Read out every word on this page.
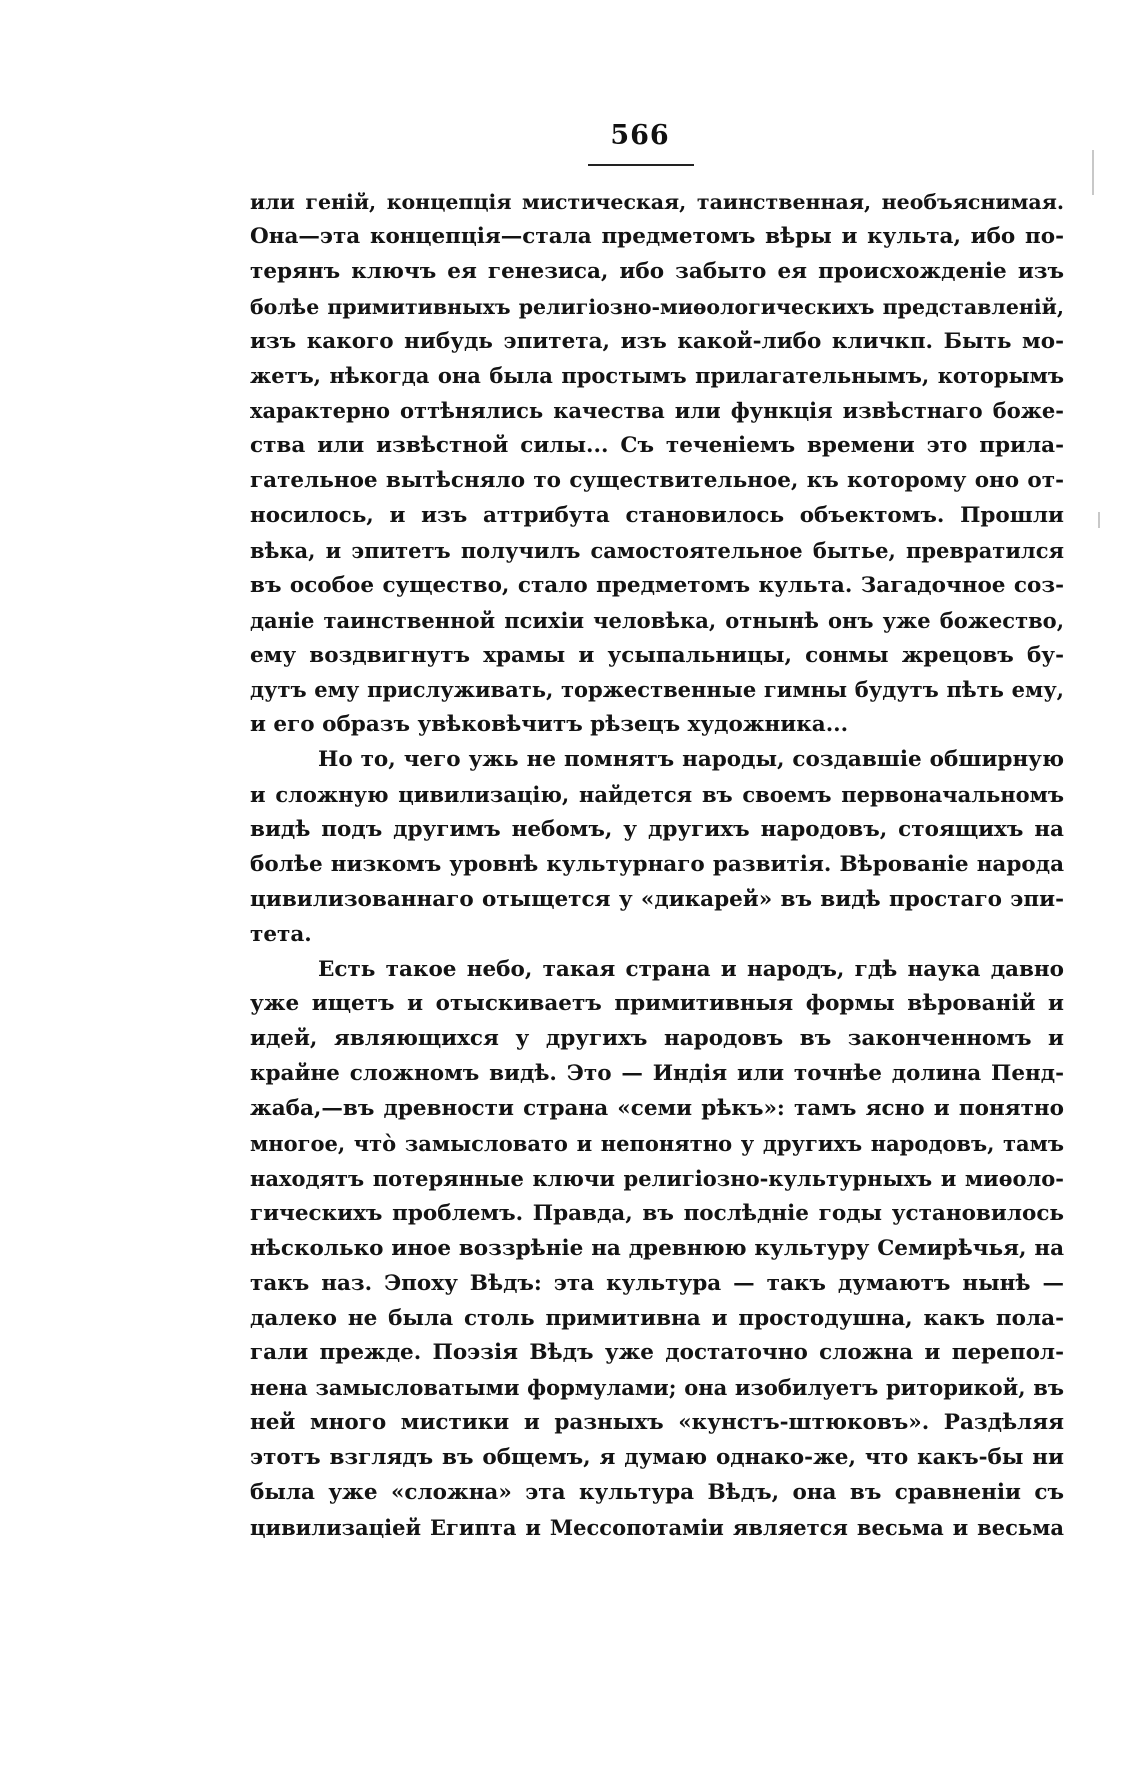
566
или геній, концепція мистическая, таинственная, необъяснимая.
Она—эта концепція—стала предметомъ вѣры и культа, ибо по-
терянъ ключъ ея генезиса, ибо забыто ея происхожденіе изъ
болѣе примитивныхъ религіозно-миѳологическихъ представленій,
изъ какого нибудь эпитета, изъ какой-либо кличкп. Быть мо-
жетъ, нѣкогда она была простымъ прилагательнымъ, которымъ
характерно оттѣнялись качества или функція извѣстнаго боже-
ства или извѣстной силы... Съ теченіемъ времени это прила-
гательное вытѣсняло то существительное, къ которому оно от-
носилось, и изъ аттрибута становилось объектомъ. Прошли
вѣка, и эпитетъ получилъ самостоятельное бытье, превратился
въ особое существо, стало предметомъ культа. Загадочное соз-
даніе таинственной психіи человѣка, отнынѣ онъ уже божество,
ему воздвигнутъ храмы и усыпальницы, сонмы жрецовъ бу-
дутъ ему прислуживать, торжественные гимны будутъ пѣть ему,
и его образъ увѣковѣчитъ рѣзецъ художника...
Но то, чего ужь не помнятъ народы, создавшіе обширную
и сложную цивилизацію, найдется въ своемъ первоначальномъ
видѣ подъ другимъ небомъ, у другихъ народовъ, стоящихъ на
болѣе низкомъ уровнѣ культурнаго развитія. Вѣрованіе народа
цивилизованнаго отыщется у «дикарей» въ видѣ простаго эпи-
тета.
Есть такое небо, такая страна и народъ, гдѣ наука давно
уже ищетъ и отыскиваетъ примитивныя формы вѣрованій и
идей, являющихся у другихъ народовъ въ законченномъ и
крайне сложномъ видѣ. Это — Индія или точнѣе долина Пенд-
жаба,—въ древности страна «семи рѣкъ»: тамъ ясно и понятно
многое, что̀ замысловато и непонятно у другихъ народовъ, тамъ
находятъ потерянные ключи религіозно-культурныхъ и миѳоло-
гическихъ проблемъ. Правда, въ послѣдніе годы установилось
нѣсколько иное воззрѣніе на древнюю культуру Семирѣчья, на
такъ наз. Эпоху Вѣдъ: эта культура — такъ думаютъ нынѣ —
далеко не была столь примитивна и простодушна, какъ пола-
гали прежде. Поэзія Вѣдъ уже достаточно сложна и перепол-
нена замысловатыми формулами; она изобилуетъ риторикой, въ
ней много мистики и разныхъ «кунстъ-штюковъ». Раздѣляя
этотъ взглядъ въ общемъ, я думаю однако-же, что какъ-бы ни
была уже «сложна» эта культура Вѣдъ, она въ сравненіи съ
цивилизаціей Египта и Мессопотаміи является весьма и весьма
